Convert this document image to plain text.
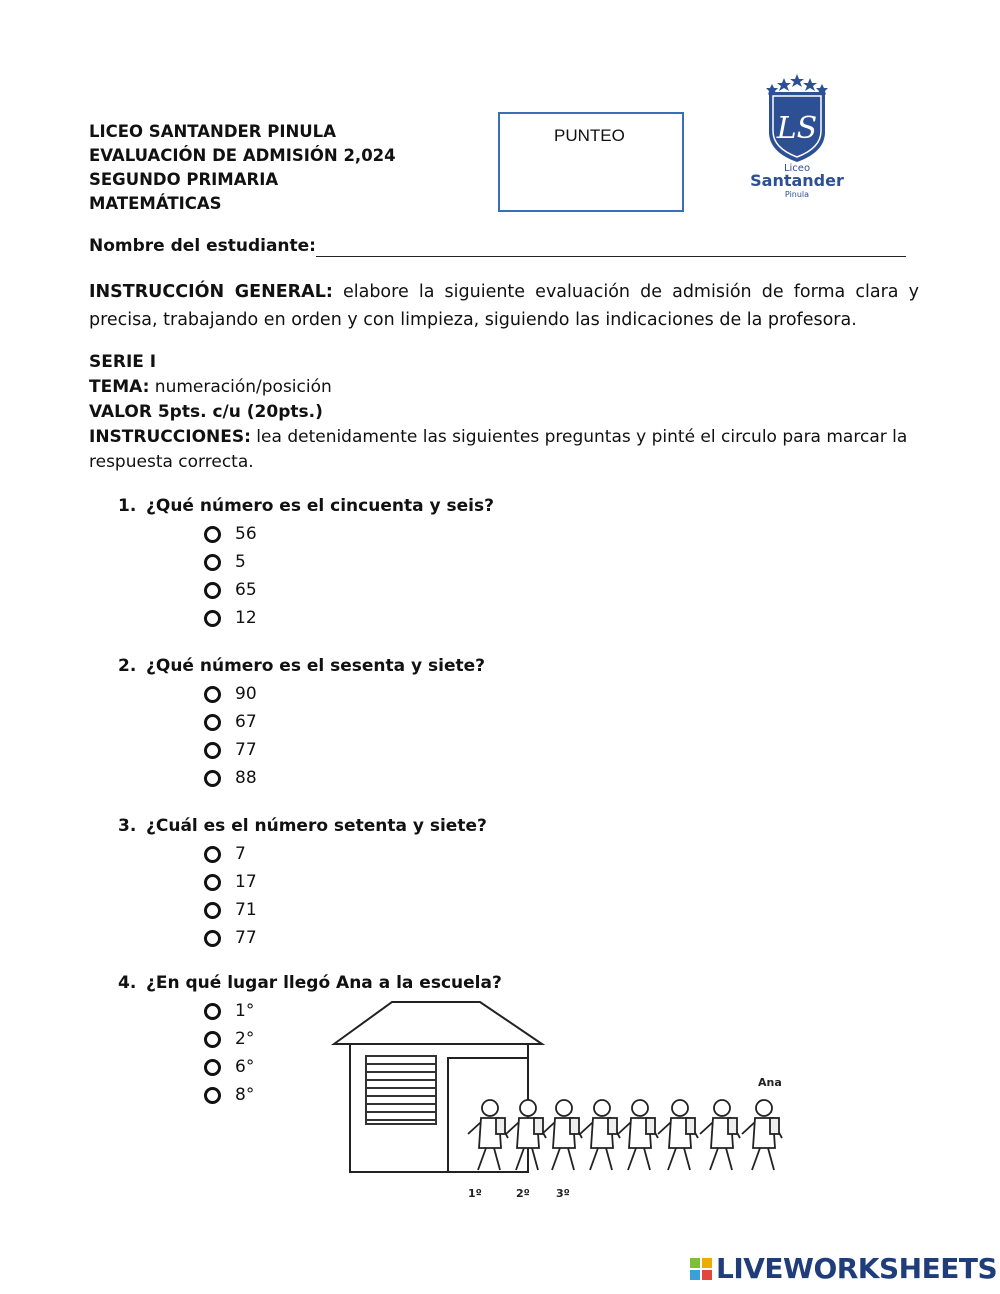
LICEO SANTANDER PINULA
EVALUACIÓN DE ADMISIÓN 2,024
SEGUNDO PRIMARIA
MATEMÁTICAS
PUNTEO	LS
Liceo
Santander
Pinula
Nombre del estudiante:
INSTRUCCIÓN GENERAL: elabore la siguiente evaluación de admisión de forma clara y precisa, trabajando en orden y con limpieza, siguiendo las indicaciones de la profesora.
SERIE I
TEMA: numeración/posición
VALOR 5pts. c/u (20pts.)
INSTRUCCIONES: lea detenidamente las siguientes preguntas y pinté el circulo para marcar la respuesta correcta.
1. ¿Qué número es el cincuenta y seis?
56
5
65
12
2. ¿Qué número es el sesenta y siete?
90
67
77
88
3. ¿Cuál es el número setenta y siete?
7
17
71
77
4. ¿En qué lugar llegó Ana a la escuela?
1°
2°
6°
8°
Ana
1º	2º 3º
LIVEWORKSHEETS
